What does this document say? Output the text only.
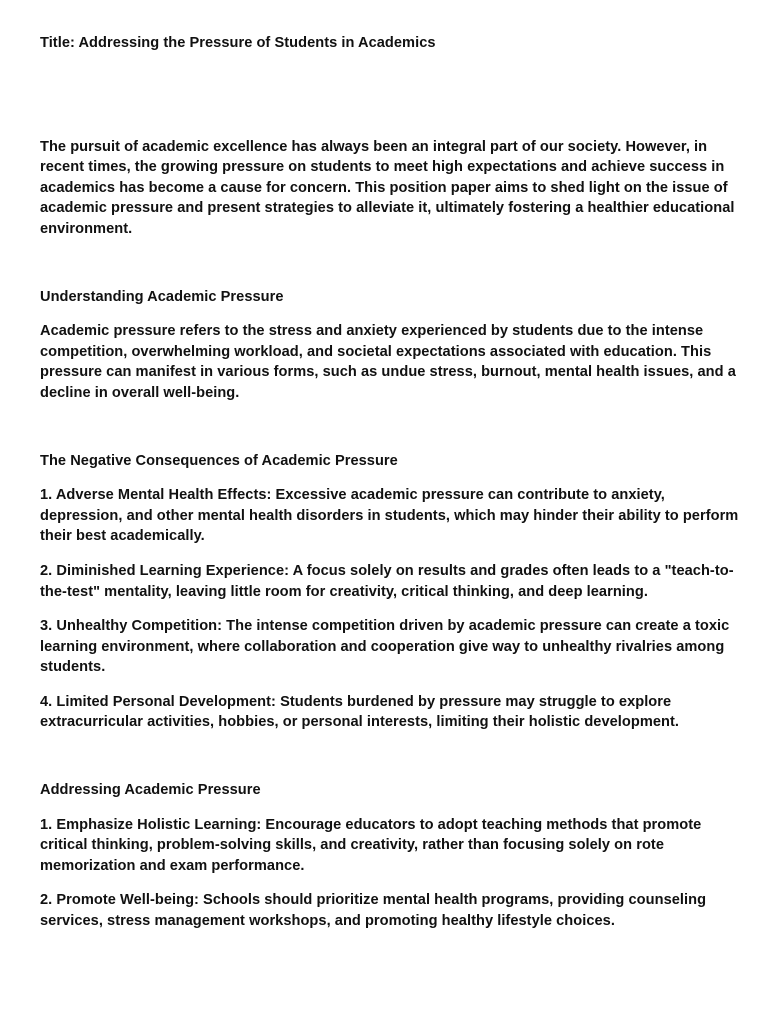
Title: Addressing the Pressure of Students in Academics

The pursuit of academic excellence has always been an integral part of our society. However, in recent times, the growing pressure on students to meet high expectations and achieve success in academics has become a cause for concern. This position paper aims to shed light on the issue of academic pressure and present strategies to alleviate it, ultimately fostering a healthier educational environment.

Understanding Academic Pressure

Academic pressure refers to the stress and anxiety experienced by students due to the intense competition, overwhelming workload, and societal expectations associated with education. This pressure can manifest in various forms, such as undue stress, burnout, mental health issues, and a decline in overall well-being.

The Negative Consequences of Academic Pressure

1. Adverse Mental Health Effects: Excessive academic pressure can contribute to anxiety, depression, and other mental health disorders in students, which may hinder their ability to perform their best academically.

2. Diminished Learning Experience: A focus solely on results and grades often leads to a "teach-to-the-test" mentality, leaving little room for creativity, critical thinking, and deep learning.

3. Unhealthy Competition: The intense competition driven by academic pressure can create a toxic learning environment, where collaboration and cooperation give way to unhealthy rivalries among students.

4. Limited Personal Development: Students burdened by pressure may struggle to explore extracurricular activities, hobbies, or personal interests, limiting their holistic development.

Addressing Academic Pressure

1. Emphasize Holistic Learning: Encourage educators to adopt teaching methods that promote critical thinking, problem-solving skills, and creativity, rather than focusing solely on rote memorization and exam performance.

2. Promote Well-being: Schools should prioritize mental health programs, providing counseling services, stress management workshops, and promoting healthy lifestyle choices.
